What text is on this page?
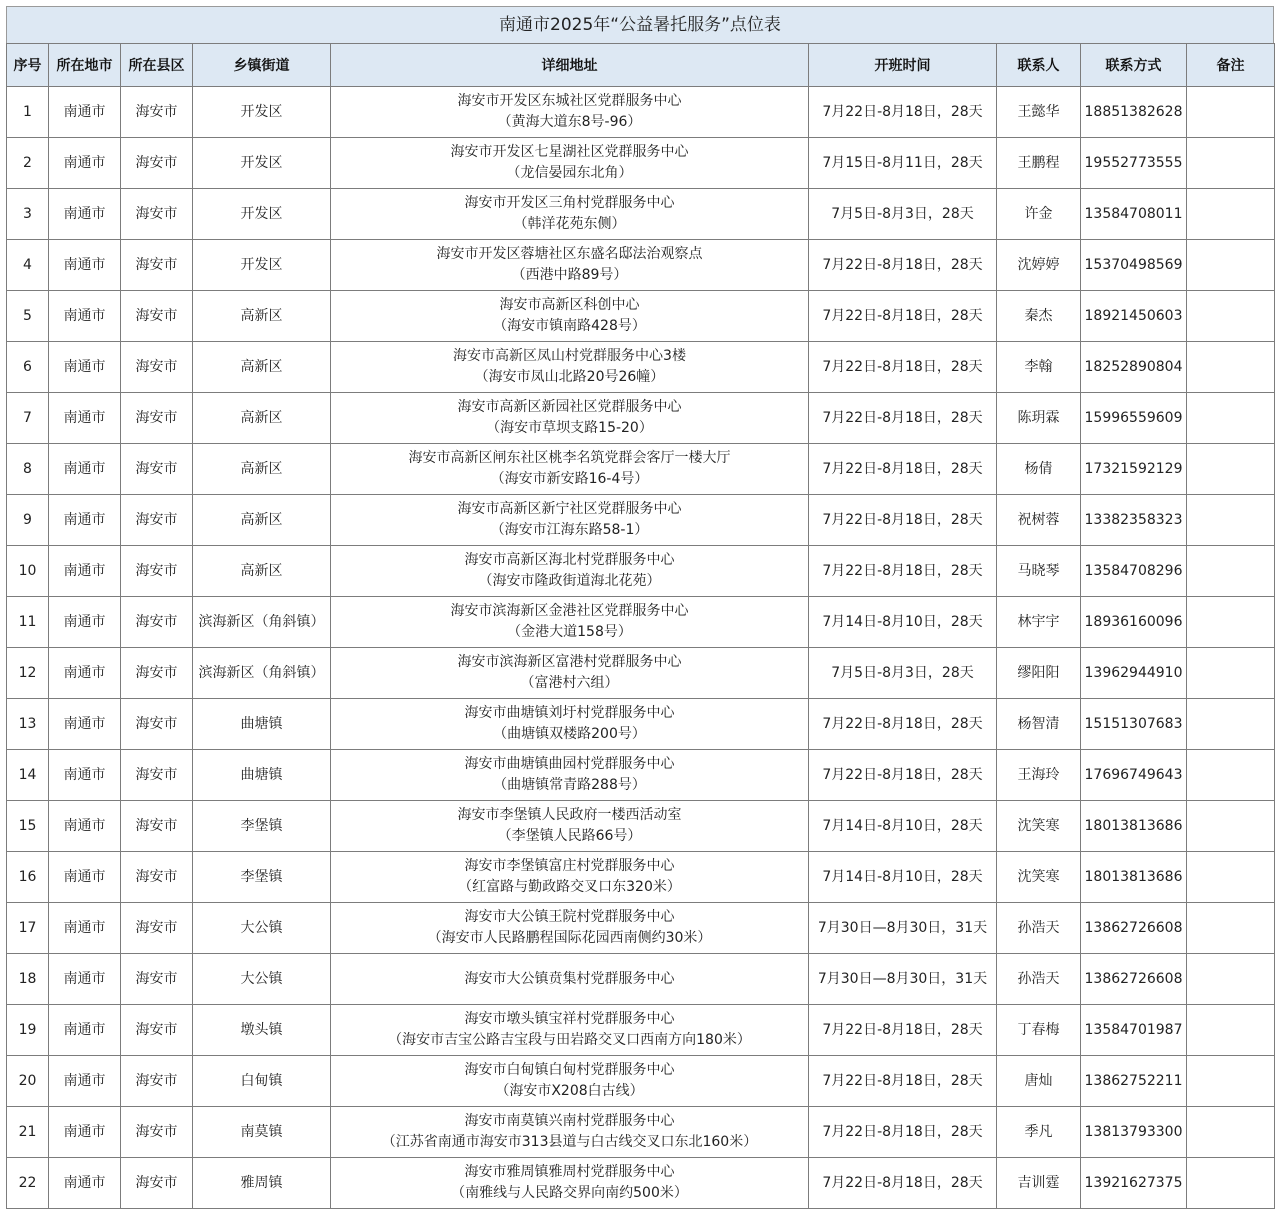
南通市2025年“公益暑托服务”点位表
序号	所在地市	所在县区	乡镇街道	详细地址	开班时间	联系人	联系方式	备注
1	南通市	海安市	开发区	海安市开发区东城社区党群服务中心
（黄海大道东8号-96）	7月22日-8月18日，28天	王懿华	18851382628	
2	南通市	海安市	开发区	海安市开发区七星湖社区党群服务中心
（龙信晏园东北角）	7月15日-8月11日，28天	王鹏程	19552773555	
3	南通市	海安市	开发区	海安市开发区三角村党群服务中心
（韩洋花苑东侧）	7月5日-8月3日，28天	许金	13584708011	
4	南通市	海安市	开发区	海安市开发区蓉塘社区东盛名邸法治观察点
（西港中路89号）	7月22日-8月18日，28天	沈婷婷	15370498569	
5	南通市	海安市	高新区	海安市高新区科创中心
（海安市镇南路428号）	7月22日-8月18日，28天	秦杰	18921450603	
6	南通市	海安市	高新区	海安市高新区凤山村党群服务中心3楼
（海安市凤山北路20号26幢）	7月22日-8月18日，28天	李翰	18252890804	
7	南通市	海安市	高新区	海安市高新区新园社区党群服务中心
（海安市草坝支路15-20）	7月22日-8月18日，28天	陈玥霖	15996559609	
8	南通市	海安市	高新区	海安市高新区闸东社区桃李名筑党群会客厅一楼大厅
（海安市新安路16-4号）	7月22日-8月18日，28天	杨倩	17321592129	
9	南通市	海安市	高新区	海安市高新区新宁社区党群服务中心
（海安市江海东路58-1）	7月22日-8月18日，28天	祝树蓉	13382358323	
10	南通市	海安市	高新区	海安市高新区海北村党群服务中心
（海安市隆政街道海北花苑）	7月22日-8月18日，28天	马晓琴	13584708296	
11	南通市	海安市	滨海新区（角斜镇）	海安市滨海新区金港社区党群服务中心
（金港大道158号）	7月14日-8月10日，28天	林宇宇	18936160096	
12	南通市	海安市	滨海新区（角斜镇）	海安市滨海新区富港村党群服务中心
（富港村六组）	7月5日-8月3日，28天	缪阳阳	13962944910	
13	南通市	海安市	曲塘镇	海安市曲塘镇刘圩村党群服务中心
（曲塘镇双楼路200号）	7月22日-8月18日，28天	杨智清	15151307683	
14	南通市	海安市	曲塘镇	海安市曲塘镇曲园村党群服务中心
（曲塘镇常青路288号）	7月22日-8月18日，28天	王海玲	17696749643	
15	南通市	海安市	李堡镇	海安市李堡镇人民政府一楼西活动室
（李堡镇人民路66号）	7月14日-8月10日，28天	沈笑寒	18013813686	
16	南通市	海安市	李堡镇	海安市李堡镇富庄村党群服务中心
（红富路与勤政路交叉口东320米）	7月14日-8月10日，28天	沈笑寒	18013813686	
17	南通市	海安市	大公镇	海安市大公镇王院村党群服务中心
（海安市人民路鹏程国际花园西南侧约30米）	7月30日—8月30日，31天	孙浩天	13862726608	
18	南通市	海安市	大公镇	海安市大公镇贲集村党群服务中心	7月30日—8月30日，31天	孙浩天	13862726608	
19	南通市	海安市	墩头镇	海安市墩头镇宝祥村党群服务中心
（海安市吉宝公路吉宝段与田岩路交叉口西南方向180米）	7月22日-8月18日，28天	丁春梅	13584701987	
20	南通市	海安市	白甸镇	海安市白甸镇白甸村党群服务中心
（海安市X208白古线）	7月22日-8月18日，28天	唐灿	13862752211	
21	南通市	海安市	南莫镇	海安市南莫镇兴南村党群服务中心
（江苏省南通市海安市313县道与白古线交叉口东北160米）	7月22日-8月18日，28天	季凡	13813793300	
22	南通市	海安市	雅周镇	海安市雅周镇雅周村党群服务中心
（南雅线与人民路交界向南约500米）	7月22日-8月18日，28天	吉训霆	13921627375	
